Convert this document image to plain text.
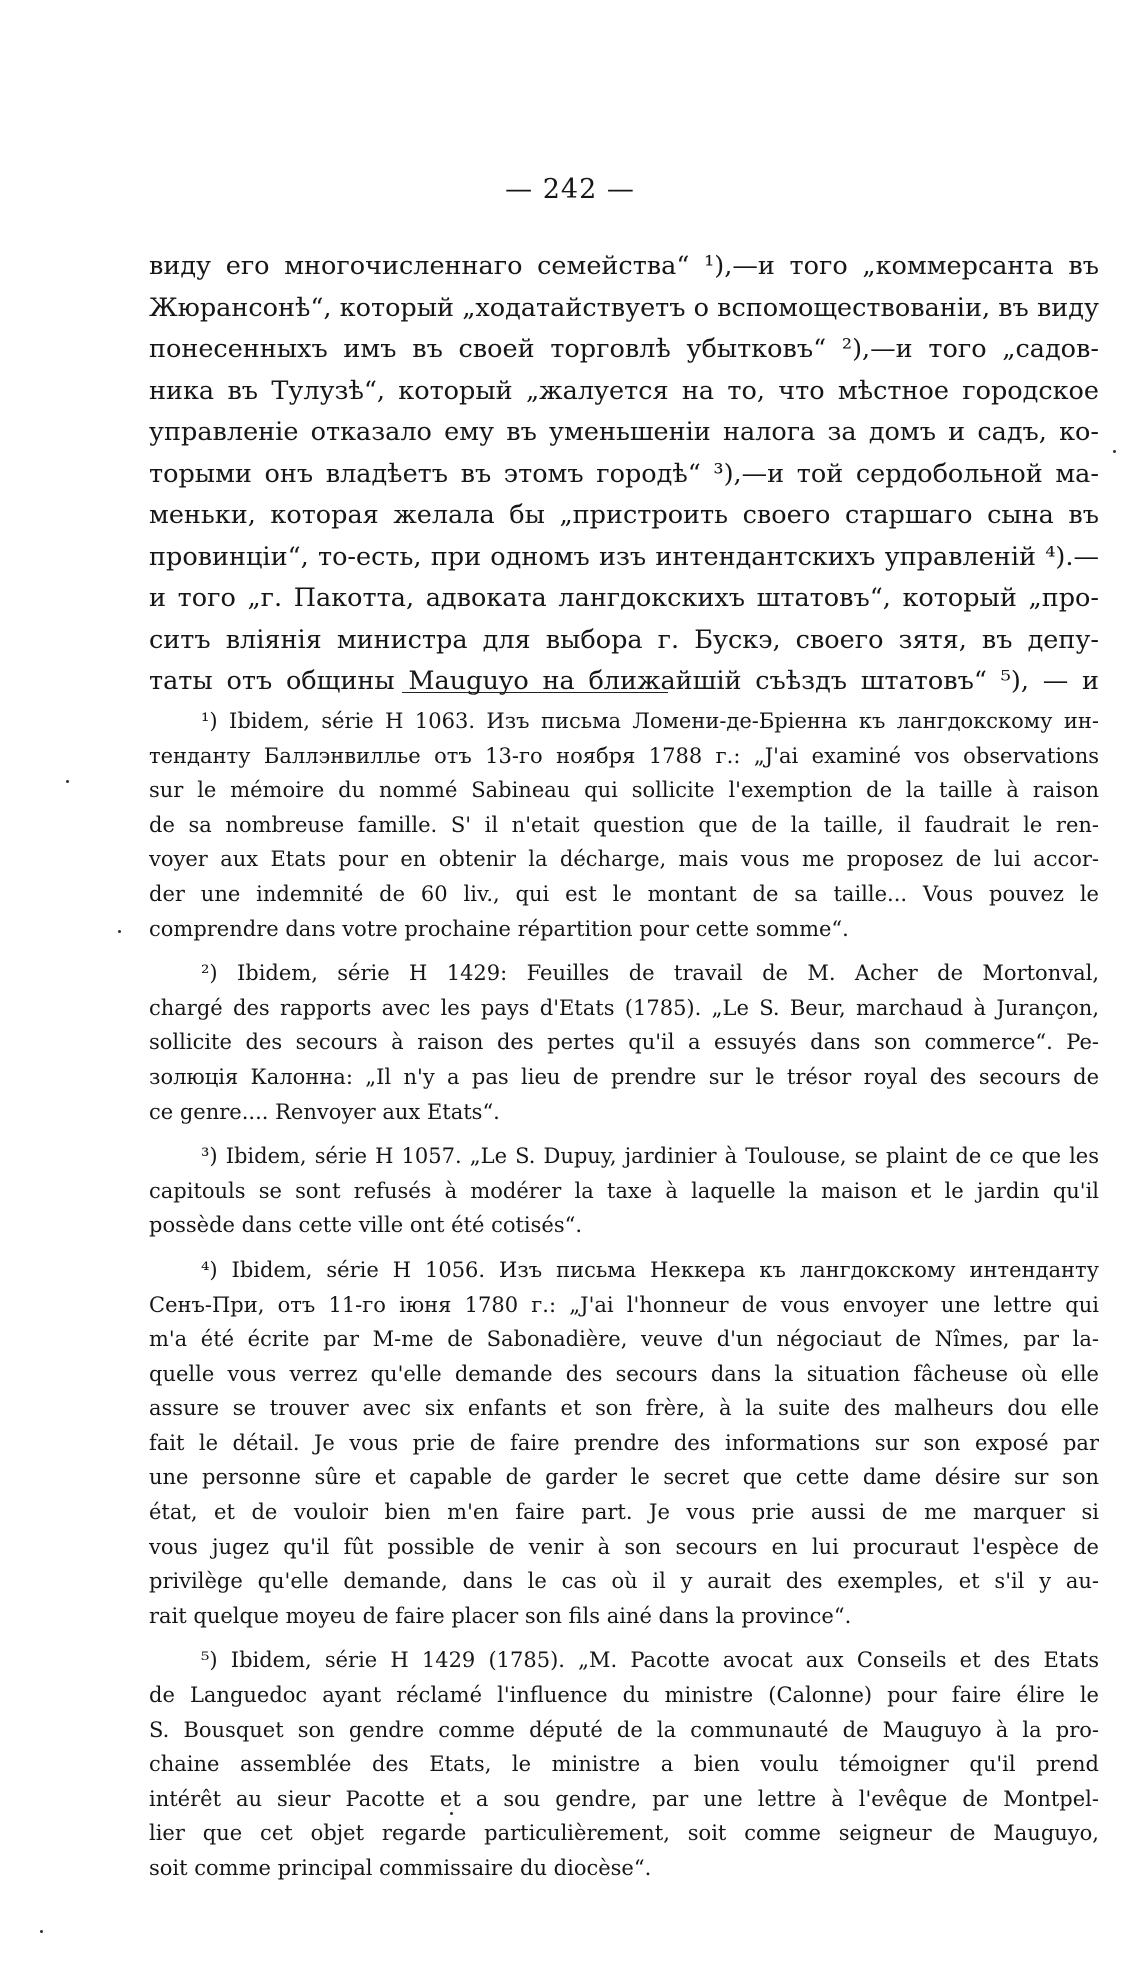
— 242 —
виду его многочисленнаго семейства“ ¹),—и того „коммерсанта въ
Жюрансонѣ“, который „ходатайствуетъ о вспомоществованіи, въ виду
понесенныхъ имъ въ своей торговлѣ убытковъ“ ²),—и того „садов-
ника въ Тулузѣ“, который „жалуется на то, что мѣстное городское
управленіе отказало ему въ уменьшеніи налога за домъ и садъ, ко-
торыми онъ владѣетъ въ этомъ городѣ“ ³),—и той сердобольной ма-
меньки, которая желала бы „пристроить своего старшаго сына въ
провинціи“, то-есть, при одномъ изъ интендантскихъ управленій ⁴).—
и того „г. Пакотта, адвоката лангдокскихъ штатовъ“, который „про-
ситъ вліянія министра для выбора г. Бускэ, своего зятя, въ депу-
таты отъ общины Mauguyo на ближайшій съѣздъ штатовъ“ ⁵), — и
¹) Ibidem, série H 1063. Изъ письма Ломени-де-Бріенна къ лангдокскому ин-
тенданту Баллэнвиллье отъ 13-го ноября 1788 г.: „J'ai examiné vos observations
sur le mémoire du nommé Sabineau qui sollicite l'exemption de la taille à raison
de sa nombreuse famille. S' il n'etait question que de la taille, il faudrait le ren-
voyer aux Etats pour en obtenir la décharge, mais vous me proposez de lui accor-
der une indemnité de 60 liv., qui est le montant de sa taille... Vous pouvez le
comprendre dans votre prochaine répartition pour cette somme“.
²) Ibidem, série H 1429: Feuilles de travail de M. Acher de Mortonval,
chargé des rapports avec les pays d'Etats (1785). „Le S. Beur, marchaud à Jurançon,
sollicite des secours à raison des pertes qu'il a essuyés dans son commerce“. Pe-
золюція Калонна: „Il n'y a pas lieu de prendre sur le trésor royal des secours de
ce genre.... Renvoyer aux Etats“.
³) Ibidem, série H 1057. „Le S. Dupuy, jardinier à Toulouse, se plaint de ce que les
capitouls se sont refusés à modérer la taxe à laquelle la maison et le jardin qu'il
possède dans cette ville ont été cotisés“.
⁴) Ibidem, série H 1056. Изъ письма Неккера къ лангдокскому интенданту
Сенъ-При, отъ 11-го іюня 1780 г.: „J'ai l'honneur de vous envoyer une lettre qui
m'a été écrite par M-me de Sabonadière, veuve d'un négociaut de Nîmes, par la-
quelle vous verrez qu'elle demande des secours dans la situation fâcheuse où elle
assure se trouver avec six enfants et son frère, à la suite des malheurs dou elle
fait le détail. Je vous prie de faire prendre des informations sur son exposé par
une personne sûre et capable de garder le secret que cette dame désire sur son
état, et de vouloir bien m'en faire part. Je vous prie aussi de me marquer si
vous jugez qu'il fût possible de venir à son secours en lui procuraut l'espèce de
privilège qu'elle demande, dans le cas où il y aurait des exemples, et s'il y au-
rait quelque moyeu de faire placer son fils ainé dans la province“.
⁵) Ibidem, série H 1429 (1785). „M. Pacotte avocat aux Conseils et des Etats
de Languedoc ayant réclamé l'influence du ministre (Calonne) pour faire élire le
S. Bousquet son gendre comme député de la communauté de Mauguyo à la pro-
chaine assemblée des Etats, le ministre a bien voulu témoigner qu'il prend
intérêt au sieur Pacotte et a sou gendre, par une lettre à l'evêque de Montpel-
lier que cet objet regarde particulièrement, soit comme seigneur de Mauguyo,
soit comme principal commissaire du diocèse“.
